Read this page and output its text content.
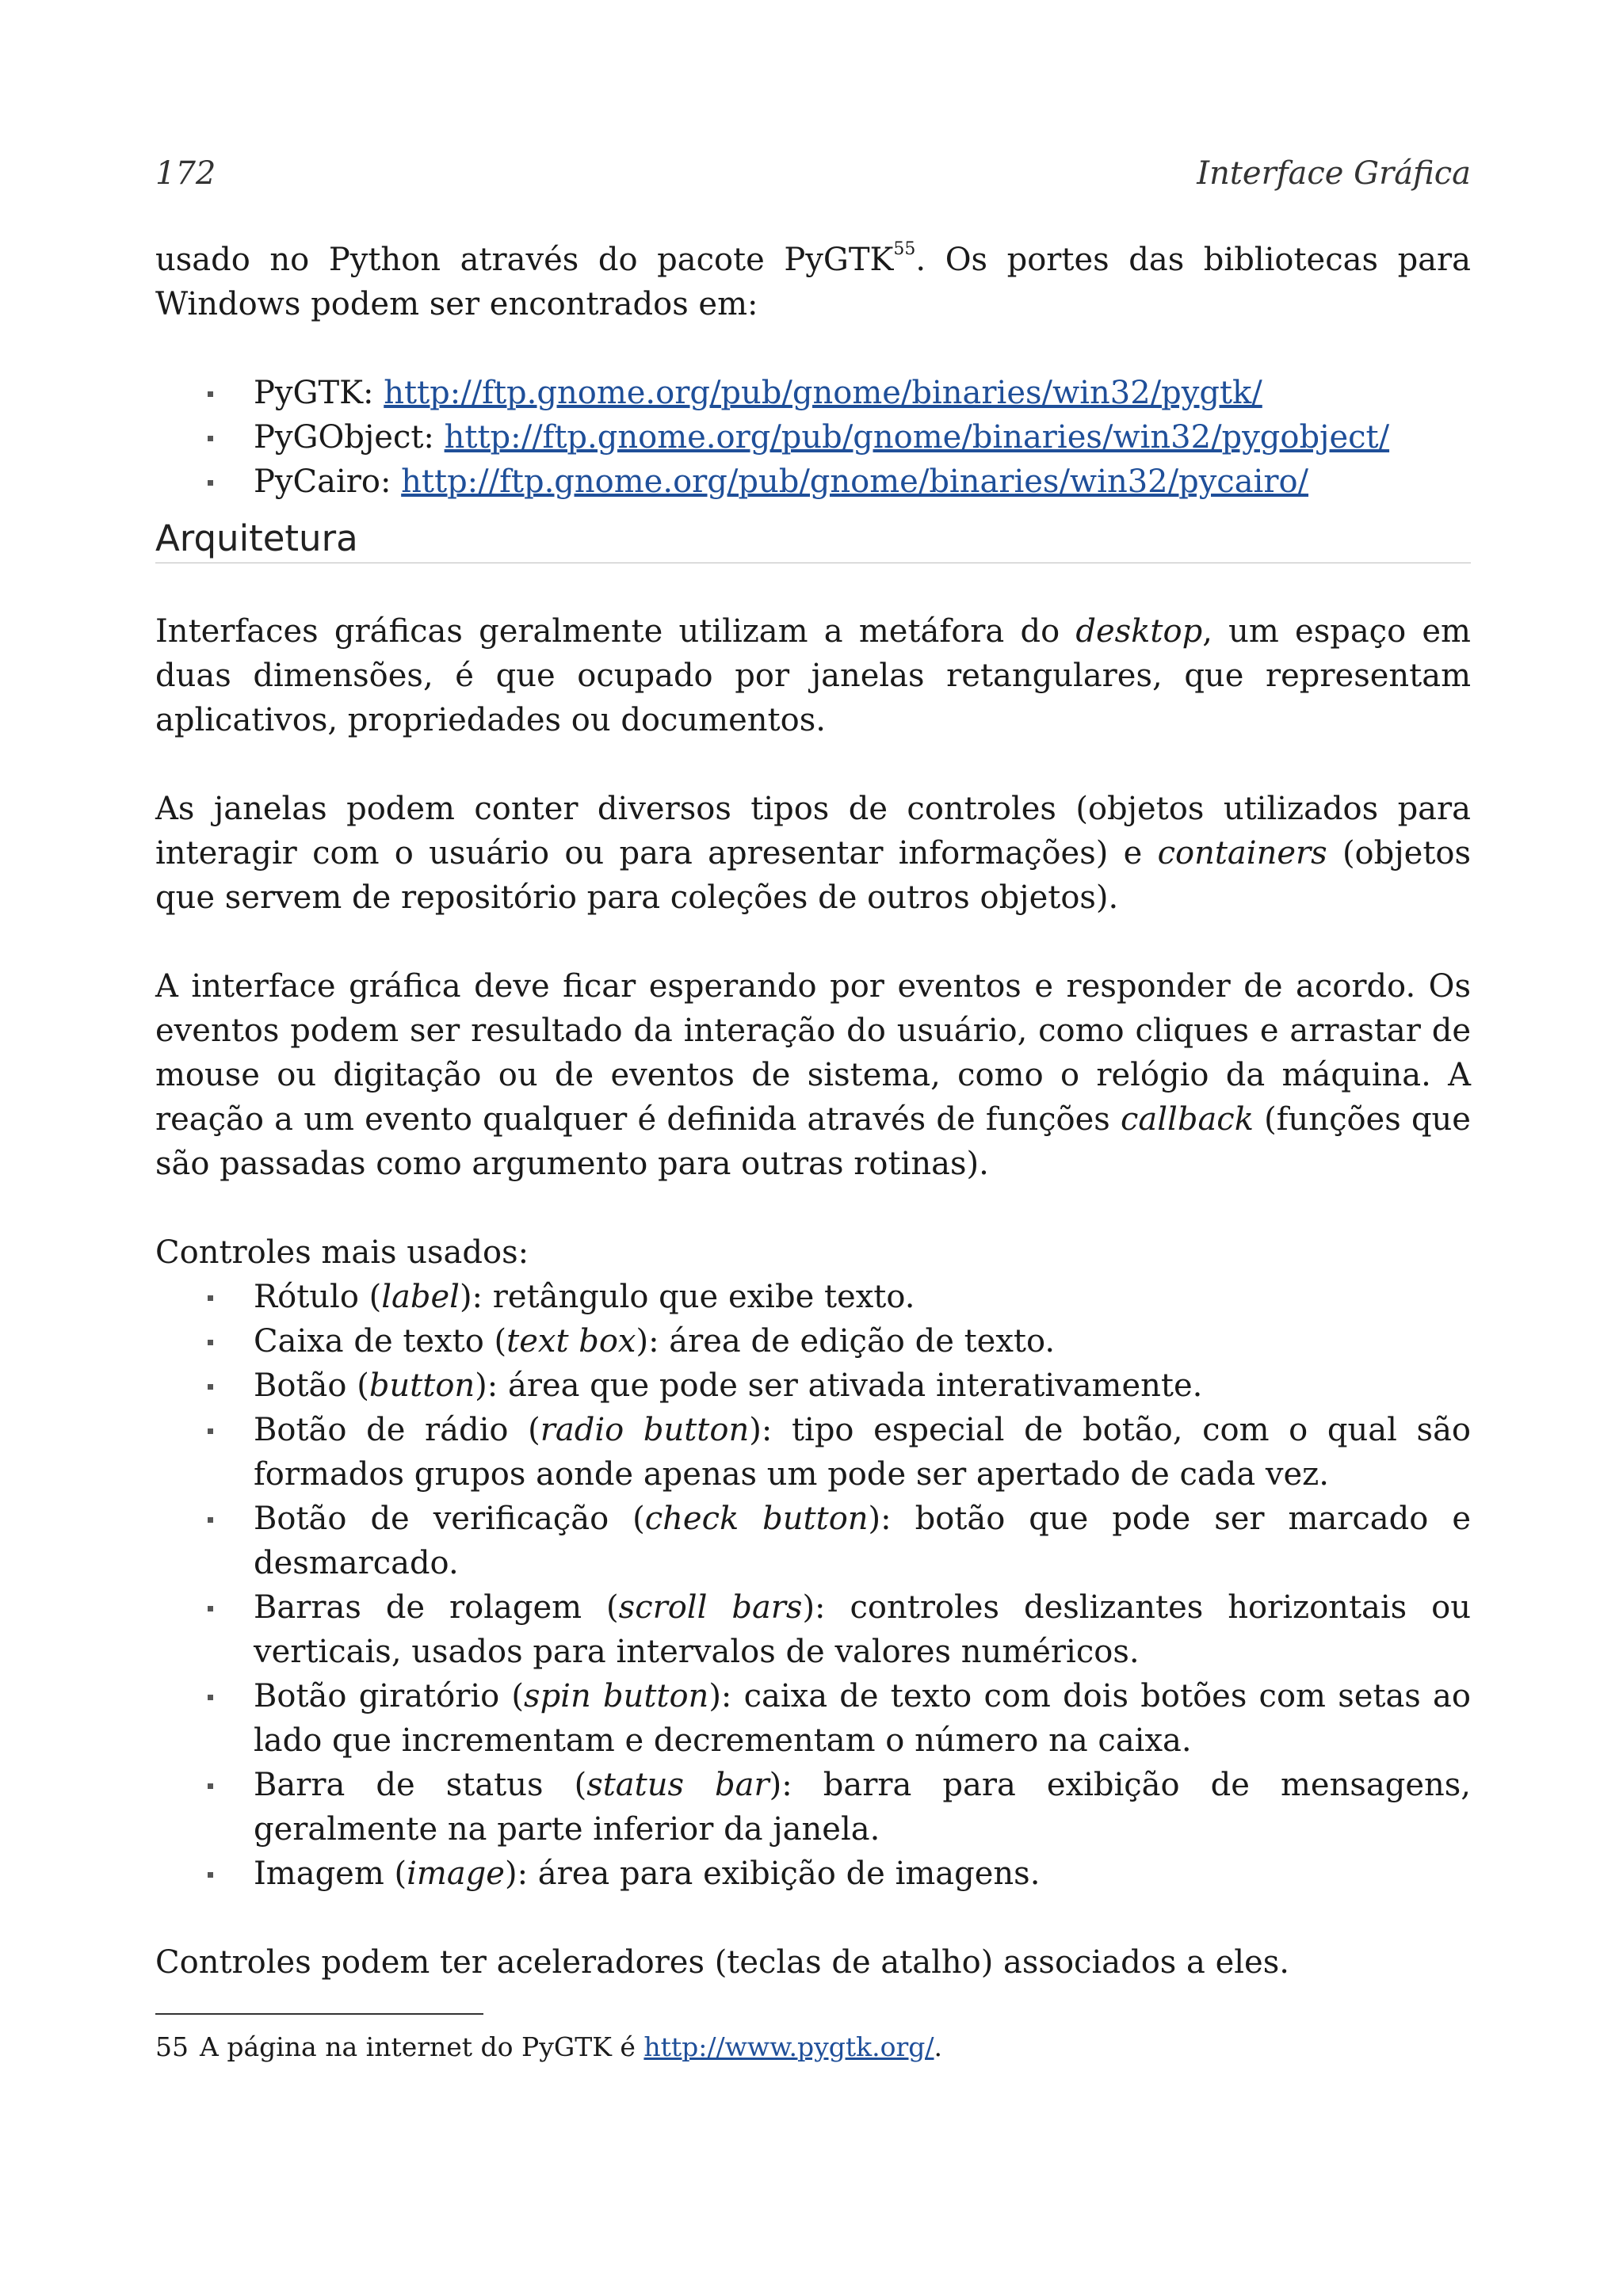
172	Interface Gráfica

usado no Python através do pacote PyGTK$^{55}$. Os portes das bibliotecas para Windows podem ser encontrados em:

PyGTK: http://ftp.gnome.org/pub/gnome/binaries/win32/pygtk/
PyGObject: http://ftp.gnome.org/pub/gnome/binaries/win32/pygobject/
PyCairo: http://ftp.gnome.org/pub/gnome/binaries/win32/pycairo/
Arquitetura

Interfaces gráficas geralmente utilizam a metáfora do desktop, um espaço em duas dimensões, é que ocupado por janelas retangulares, que representam aplicativos, propriedades ou documentos.

As janelas podem conter diversos tipos de controles (objetos utilizados para interagir com o usuário ou para apresentar informações) e containers (objetos que servem de repositório para coleções de outros objetos).

A interface gráfica deve ficar esperando por eventos e responder de acordo. Os eventos podem ser resultado da interação do usuário, como cliques e arrastar de mouse ou digitação ou de eventos de sistema, como o relógio da máquina. A reação a um evento qualquer é definida através de funções callback (funções que são passadas como argumento para outras rotinas).

Controles mais usados:

Rótulo (label): retângulo que exibe texto.
Caixa de texto (text box): área de edição de texto.
Botão (button): área que pode ser ativada interativamente.
Botão de rádio (radio button): tipo especial de botão, com o qual são formados grupos aonde apenas um pode ser apertado de cada vez.
Botão de verificação (check button): botão que pode ser marcado e desmarcado.
Barras de rolagem (scroll bars): controles deslizantes horizontais ou verticais, usados para intervalos de valores numéricos.
Botão giratório (spin button): caixa de texto com dois botões com setas ao lado que incrementam e decrementam o número na caixa.
Barra de status (status bar): barra para exibição de mensagens, geralmente na parte inferior da janela.
Imagem (image): área para exibição de imagens.

Controles podem ter aceleradores (teclas de atalho) associados a eles.

55 A página na internet do PyGTK é http://www.pygtk.org/.
